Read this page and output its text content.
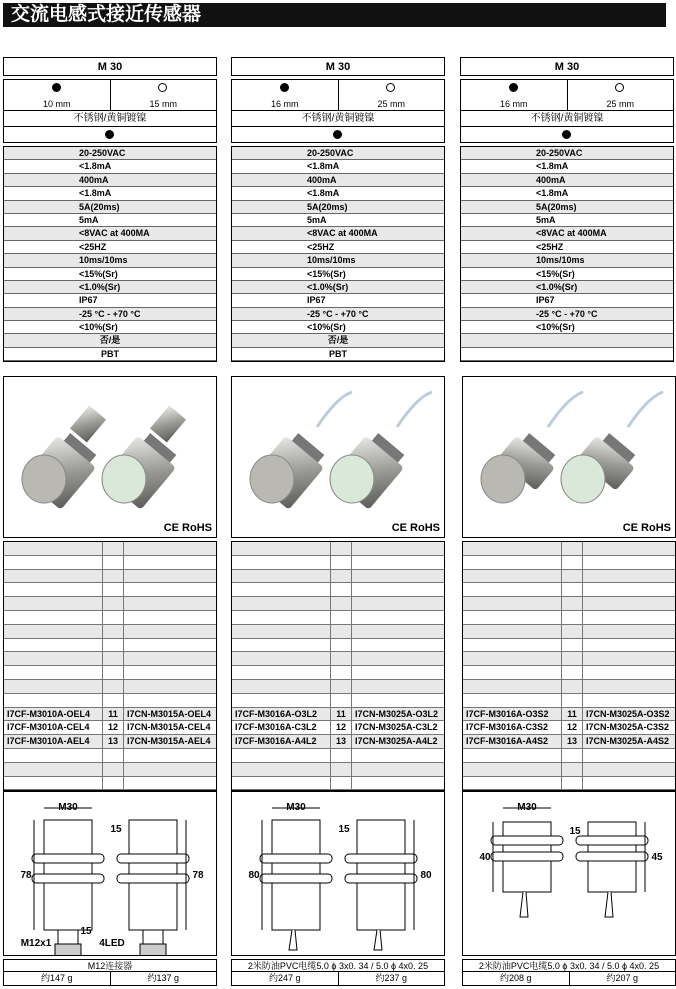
交流电感式接近传感器
M 30
10 mm	15 mm
不锈钢/黄铜镀镍
20-250VAC
<1.8mA
400mA
<1.8mA
5A(20ms)
5mA
<8VAC at 400MA
<25HZ
10ms/10ms
<15%(Sr)
<1.0%(Sr)
IP67
-25 °C - +70 °C
<10%(Sr)
否/是
PBT
M 30
16 mm	25 mm
不锈钢/黄铜镀镍
20-250VAC
<1.8mA
400mA
<1.8mA
5A(20ms)
5mA
<8VAC at 400MA
<25HZ
10ms/10ms
<15%(Sr)
<1.0%(Sr)
IP67
-25 °C - +70 °C
<10%(Sr)
否/是
PBT
M 30
16 mm	25 mm
不锈钢/黄铜镀镍
20-250VAC
<1.8mA
400mA
<1.8mA
5A(20ms)
5mA
<8VAC at 400MA
<25HZ
10ms/10ms
<15%(Sr)
<1.0%(Sr)
IP67
-25 °C - +70 °C
<10%(Sr)
CE RoHS
I7CF-M3010A-OEL4	11	I7CN-M3015A-OEL4
I7CF-M3010A-CEL4	12	I7CN-M3015A-CEL4
I7CF-M3010A-AEL4	13	I7CN-M3015A-AEL4
M30
78	78
15
15
4LED
M12x1
M12连接器
约147 g	约137 g
CE RoHS
I7CF-M3016A-O3L2	11	I7CN-M3025A-O3L2
I7CF-M3016A-C3L2	12	I7CN-M3025A-C3L2
I7CF-M3016A-A4L2	13	I7CN-M3025A-A4L2
M30
80	80
15
2米防油PVC电缆5.0 ϕ 3x0. 34 / 5.0 ϕ 4x0. 25
约247 g	约237 g
CE RoHS
I7CF-M3016A-O3S2	11	I7CN-M3025A-O3S2
I7CF-M3016A-C3S2	12	I7CN-M3025A-C3S2
I7CF-M3016A-A4S2	13	I7CN-M3025A-A4S2
M30
40	45
15
2米防油PVC电缆5.0 ϕ 3x0. 34 / 5.0 ϕ 4x0. 25
约208 g	约207 g
